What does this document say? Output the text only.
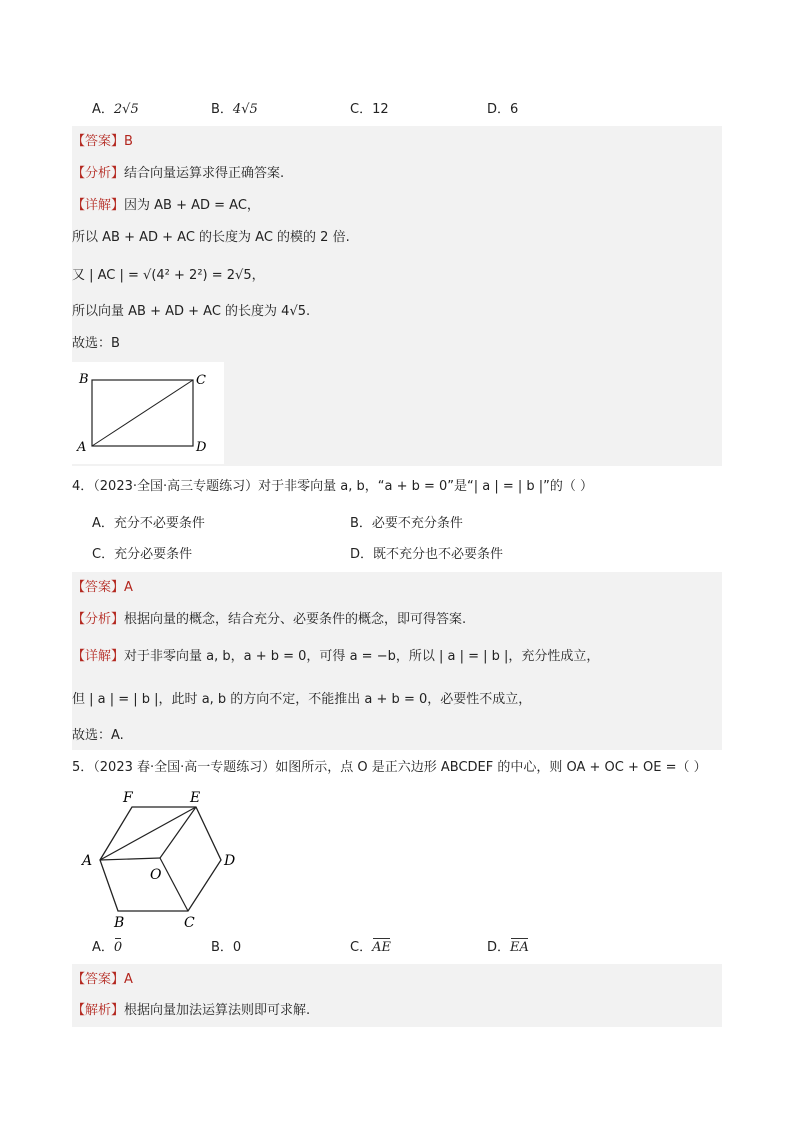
A．2√5	B．4√5	C．12	D．6
【答案】B
【分析】结合向量运算求得正确答案.
【详解】因为 AB + AD = AC，
所以 AB + AD + AC 的长度为 AC 的模的 2 倍.
又 | AC | = √(4² + 2²) = 2√5，
所以向量 AB + AD + AC 的长度为 4√5.
故选：B
B	C
A	D
4．（2023·全国·高三专题练习）对于非零向量 a, b，“a + b = 0”是“| a | = | b |”的（ ）
A．充分不必要条件	B．必要不充分条件
C．充分必要条件	D．既不充分也不必要条件
【答案】A
【分析】根据向量的概念，结合充分、必要条件的概念，即可得答案.
【详解】对于非零向量 a, b，a + b = 0，可得 a = −b，所以 | a | = | b |，充分性成立，
但 | a | = | b |，此时 a, b 的方向不定，不能推出 a + b = 0，必要性不成立，
故选：A.
5．（2023 春·全国·高一专题练习）如图所示，点 O 是正六边形 ABCDEF 的中心，则 OA + OC + OE =（ ）
F	E
A	D
O
B	C
A．0	B．0	C．AE	D．EA
【答案】A
【解析】根据向量加法运算法则即可求解.
